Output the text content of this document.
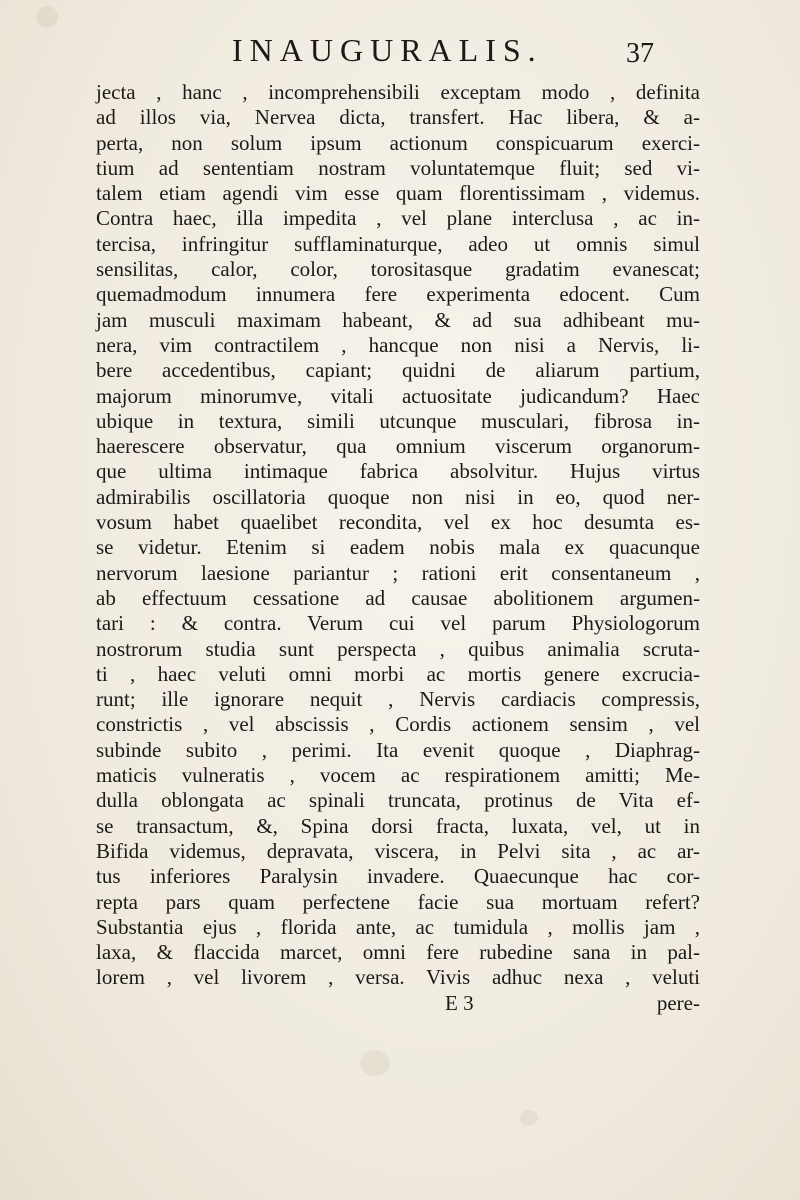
INAUGURALIS.	37
jecta , hanc , incomprehensibili exceptam modo , definita
ad illos via, Nervea dicta, transfert. Hac libera, & a-
perta, non solum ipsum actionum conspicuarum exerci-
tium ad sententiam nostram voluntatemque fluit; sed vi-
talem etiam agendi vim esse quam florentissimam , videmus.
Contra haec, illa impedita , vel plane interclusa , ac in-
tercisa, infringitur sufflaminaturque, adeo ut omnis simul
sensilitas, calor, color, torositasque gradatim evanescat;
quemadmodum innumera fere experimenta edocent. Cum
jam musculi maximam habeant, & ad sua adhibeant mu-
nera, vim contractilem , hancque non nisi a Nervis, li-
bere accedentibus, capiant; quidni de aliarum partium,
majorum minorumve, vitali actuositate judicandum? Haec
ubique in textura, simili utcunque musculari, fibrosa in-
haerescere observatur, qua omnium viscerum organorum-
que ultima intimaque fabrica absolvitur. Hujus virtus
admirabilis oscillatoria quoque non nisi in eo, quod ner-
vosum habet quaelibet recondita, vel ex hoc desumta es-
se videtur. Etenim si eadem nobis mala ex quacunque
nervorum laesione pariantur ; rationi erit consentaneum ,
ab effectuum cessatione ad causae abolitionem argumen-
tari : & contra. Verum cui vel parum Physiologorum
nostrorum studia sunt perspecta , quibus animalia scruta-
ti , haec veluti omni morbi ac mortis genere excrucia-
runt; ille ignorare nequit , Nervis cardiacis compressis,
constrictis , vel abscissis , Cordis actionem sensim , vel
subinde subito , perimi. Ita evenit quoque , Diaphrag-
maticis vulneratis , vocem ac respirationem amitti; Me-
dulla oblongata ac spinali truncata, protinus de Vita ef-
se transactum, &, Spina dorsi fracta, luxata, vel, ut in
Bifida videmus, depravata, viscera, in Pelvi sita , ac ar-
tus inferiores Paralysin invadere. Quaecunque hac cor-
repta pars quam perfectene facie sua mortuam refert?
Substantia ejus , florida ante, ac tumidula , mollis jam ,
laxa, & flaccida marcet, omni fere rubedine sana in pal-
lorem , vel livorem , versa. Vivis adhuc nexa , veluti
E 3	pere-
